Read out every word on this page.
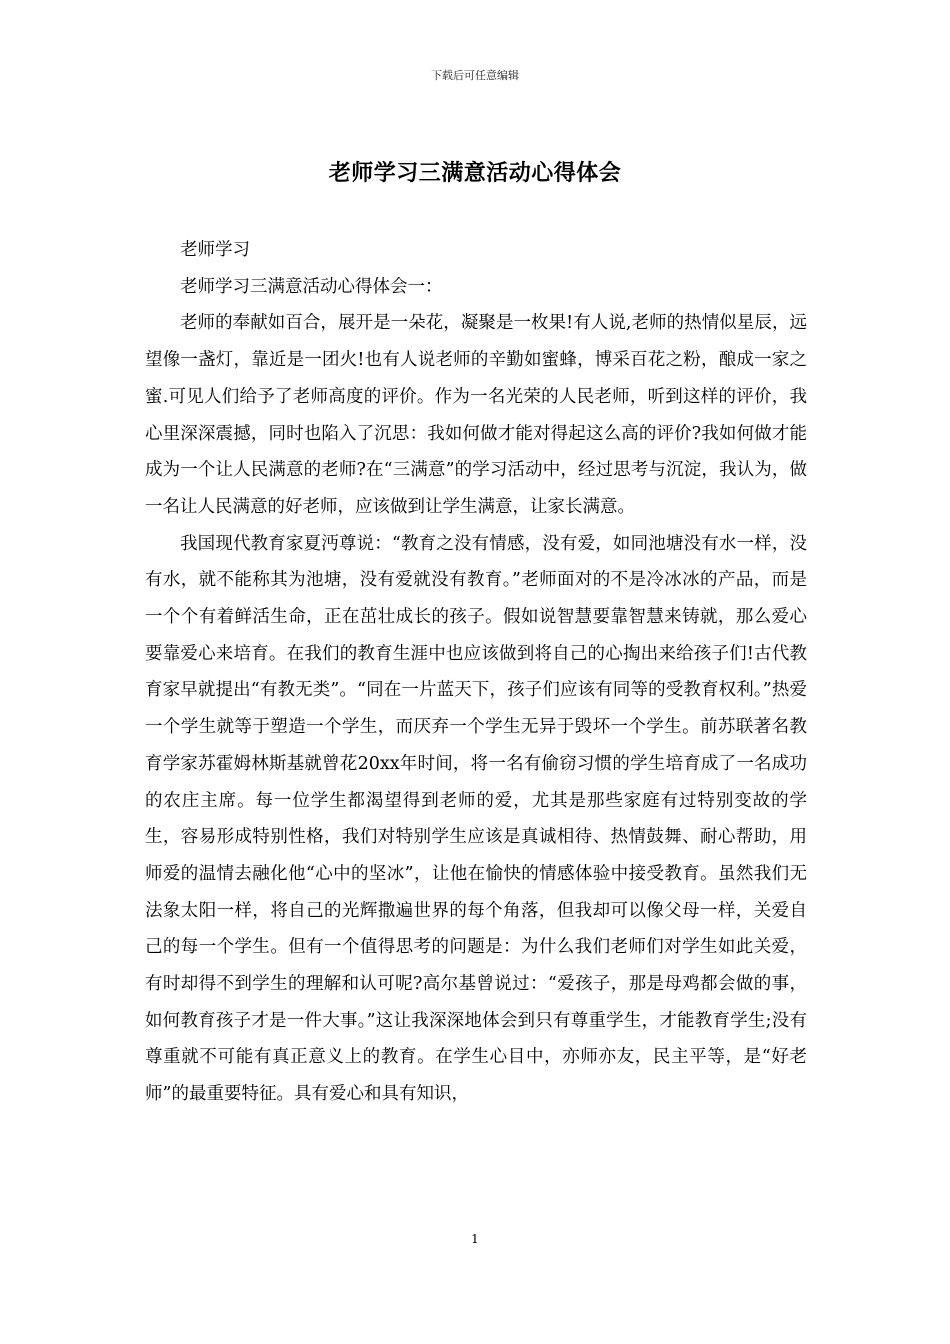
下载后可任意编辑
老师学习三满意活动心得体会

老师学习

老师学习三满意活动心得体会一：

老师的奉献如百合，展开是一朵花，凝聚是一枚果!有人说,老师的热情似星辰，远望像一盏灯，靠近是一团火!也有人说老师的辛勤如蜜蜂，博采百花之粉，酿成一家之蜜.可见人们给予了老师高度的评价。作为一名光荣的人民老师，听到这样的评价，我心里深深震撼，同时也陷入了沉思：我如何做才能对得起这么高的评价?我如何做才能成为一个让人民满意的老师?在“三满意”的学习活动中，经过思考与沉淀，我认为，做一名让人民满意的好老师，应该做到让学生满意，让家长满意。

我国现代教育家夏沔尊说：“教育之没有情感，没有爱，如同池塘没有水一样，没有水，就不能称其为池塘，没有爱就没有教育。”老师面对的不是冷冰冰的产品，而是一个个有着鲜活生命，正在茁壮成长的孩子。假如说智慧要靠智慧来铸就，那么爱心要靠爱心来培育。在我们的教育生涯中也应该做到将自己的心掏出来给孩子们!古代教育家早就提出“有教无类”。“同在一片蓝天下，孩子们应该有同等的受教育权利。”热爱一个学生就等于塑造一个学生，而厌弃一个学生无异于毁坏一个学生。前苏联著名教育学家苏霍姆林斯基就曾花20xx年时间，将一名有偷窃习惯的学生培育成了一名成功的农庄主席。每一位学生都渴望得到老师的爱，尤其是那些家庭有过特别变故的学生，容易形成特别性格，我们对特别学生应该是真诚相待、热情鼓舞、耐心帮助，用师爱的温情去融化他“心中的坚冰”，让他在愉快的情感体验中接受教育。虽然我们无法象太阳一样，将自己的光辉撒遍世界的每个角落，但我却可以像父母一样，关爱自己的每一个学生。但有一个值得思考的问题是：为什么我们老师们对学生如此关爱，有时却得不到学生的理解和认可呢?高尔基曾说过：“爱孩子，那是母鸡都会做的事，如何教育孩子才是一件大事。”这让我深深地体会到只有尊重学生，才能教育学生;没有尊重就不可能有真正意义上的教育。在学生心目中，亦师亦友，民主平等，是“好老师”的最重要特征。具有爱心和具有知识，

1
